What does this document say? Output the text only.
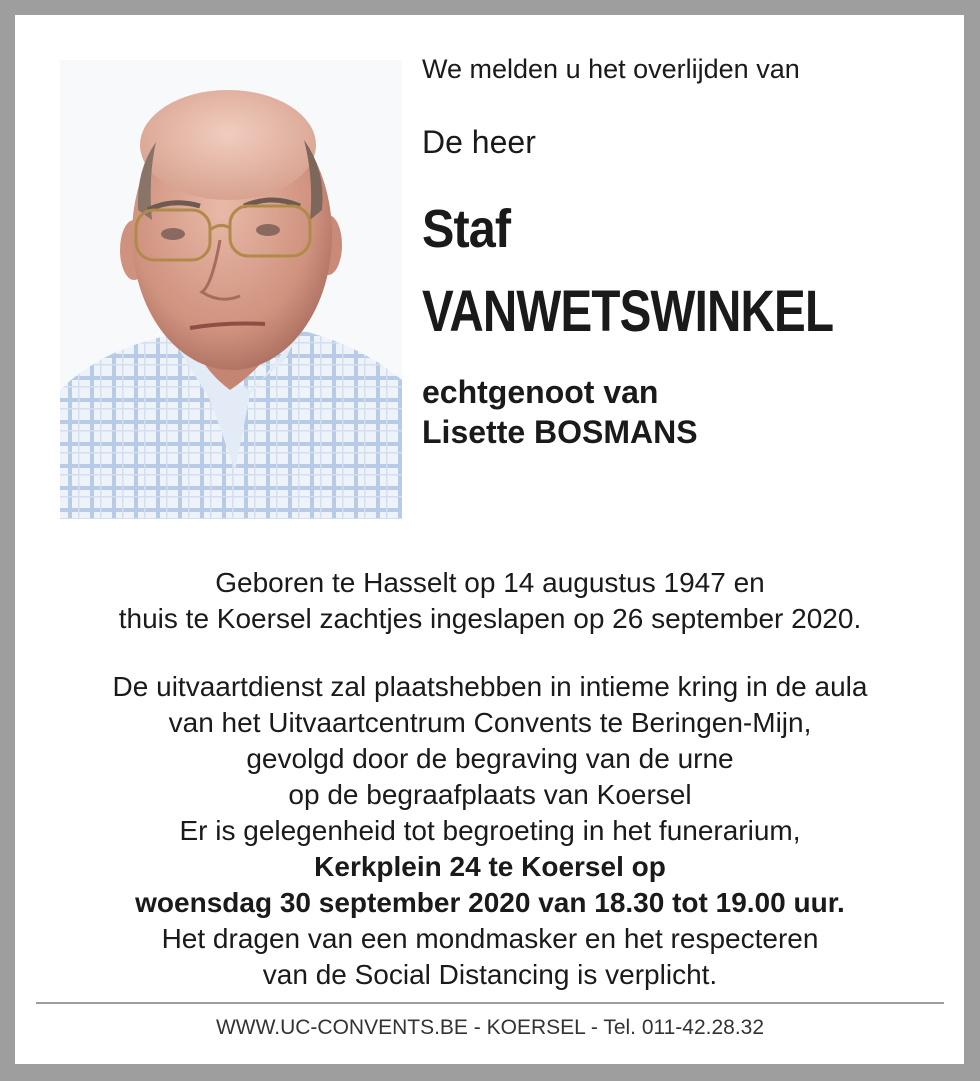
We melden u het overlijden van
De heer
Staf
VANWETSWINKEL
echtgenoot van
Lisette BOSMANS
Geboren te Hasselt op 14 augustus 1947 en
thuis te Koersel zachtjes ingeslapen op 26 september 2020.
De uitvaartdienst zal plaatshebben in intieme kring in de aula
van het Uitvaartcentrum Convents te Beringen-Mijn,
gevolgd door de begraving van de urne
op de begraafplaats van Koersel
Er is gelegenheid tot begroeting in het funerarium,
Kerkplein 24 te Koersel op
woensdag 30 september 2020 van 18.30 tot 19.00 uur.
Het dragen van een mondmasker en het respecteren
van de Social Distancing is verplicht.
WWW.UC-CONVENTS.BE - KOERSEL - Tel. 011-42.28.32
